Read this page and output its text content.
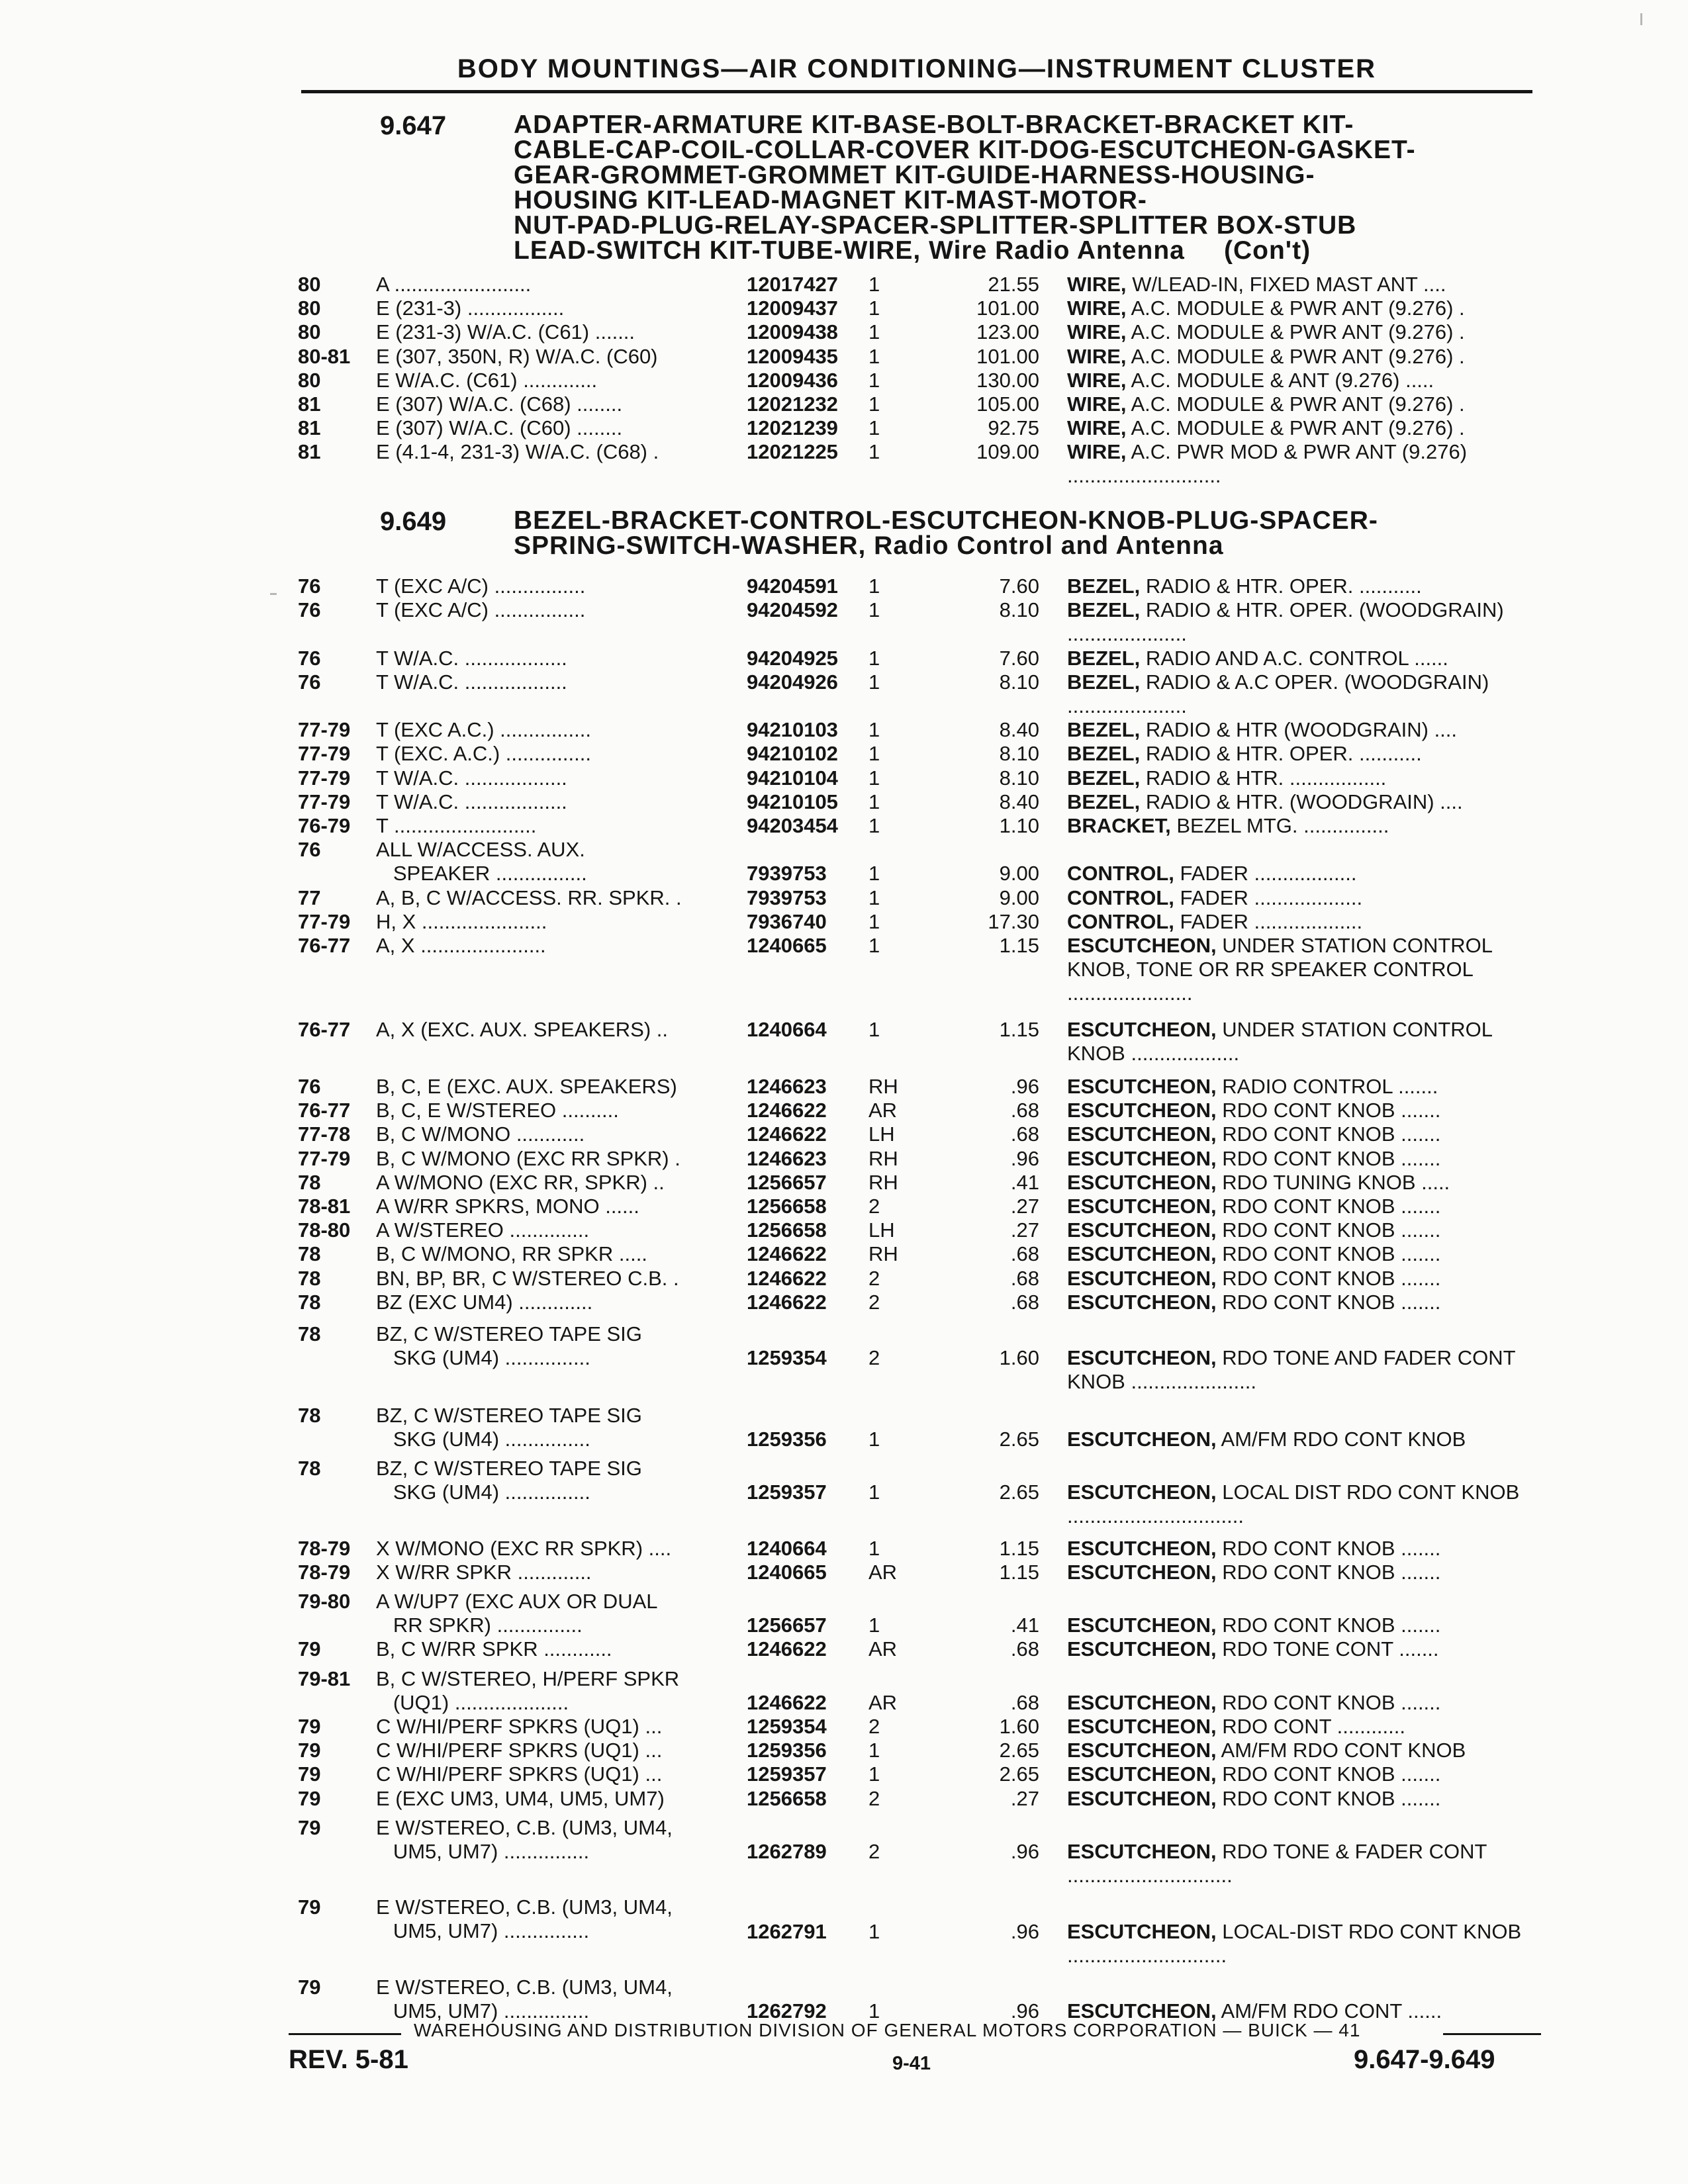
BODY MOUNTINGS—AIR CONDITIONING—INSTRUMENT CLUSTER
9.647	ADAPTER-ARMATURE KIT-BASE-BOLT-BRACKET-BRACKET KIT-
CABLE-CAP-COIL-COLLAR-COVER KIT-DOG-ESCUTCHEON-GASKET-
GEAR-GROMMET-GROMMET KIT-GUIDE-HARNESS-HOUSING-
HOUSING KIT-LEAD-MAGNET KIT-MAST-MOTOR-
NUT-PAD-PLUG-RELAY-SPACER-SPLITTER-SPLITTER BOX-STUB
LEAD-SWITCH KIT-TUBE-WIRE, Wire Radio Antenna     (Con't)
80	A ........................	12017427 1	21.55 WIRE, W/LEAD-IN, FIXED MAST ANT ....
80	E (231-3) .................	12009437 1	101.00 WIRE, A.C. MODULE & PWR ANT (9.276) .
80	E (231-3) W/A.C. (C61) .......	12009438 1	123.00 WIRE, A.C. MODULE & PWR ANT (9.276) .
80-81 E (307, 350N, R) W/A.C. (C60)	12009435 1	101.00 WIRE, A.C. MODULE & PWR ANT (9.276) .
80	E W/A.C. (C61) .............	12009436 1	130.00 WIRE, A.C. MODULE & ANT (9.276) .....
81	E (307) W/A.C. (C68) ........	12021232 1	105.00 WIRE, A.C. MODULE & PWR ANT (9.276) .
81	E (307) W/A.C. (C60) ........	12021239 1	92.75 WIRE, A.C. MODULE & PWR ANT (9.276) .
81	E (4.1-4, 231-3) W/A.C. (C68) .	12021225 1	109.00 WIRE, A.C. PWR MOD & PWR ANT (9.276) ...........................
9.649	BEZEL-BRACKET-CONTROL-ESCUTCHEON-KNOB-PLUG-SPACER-
SPRING-SWITCH-WASHER, Radio Control and Antenna
76	T (EXC A/C) ................	94204591 1	7.60 BEZEL, RADIO & HTR. OPER. ...........
76	T (EXC A/C) ................	94204592 1	8.10 BEZEL, RADIO & HTR. OPER. (WOODGRAIN) .....................
76	T W/A.C. ..................	94204925 1	7.60 BEZEL, RADIO AND A.C. CONTROL ......
76	T W/A.C. ..................	94204926 1	8.10 BEZEL, RADIO & A.C OPER. (WOODGRAIN) .....................
77-79 T (EXC A.C.) ................	94210103 1	8.40 BEZEL, RADIO & HTR (WOODGRAIN) ....
77-79 T (EXC. A.C.) ...............	94210102 1	8.10 BEZEL, RADIO & HTR. OPER. ...........
77-79 T W/A.C. ..................	94210104 1	8.10 BEZEL, RADIO & HTR. .................
77-79 T W/A.C. ..................	94210105 1	8.40 BEZEL, RADIO & HTR. (WOODGRAIN) ....
76-79 T .........................	94203454 1	1.10 BRACKET, BEZEL MTG. ...............
76	ALL W/ACCESS. AUX.
SPEAKER ................	7939753 1	9.00 CONTROL, FADER ..................
77	A, B, C W/ACCESS. RR. SPKR. .	7939753 1	9.00 CONTROL, FADER ...................
77-79 H, X ......................	7936740 1	17.30 CONTROL, FADER ...................
76-77 A, X ......................	1240665 1	1.15 ESCUTCHEON, UNDER STATION CONTROL KNOB, TONE OR RR SPEAKER CONTROL ......................
76-77 A, X (EXC. AUX. SPEAKERS) ..	1240664 1	1.15 ESCUTCHEON, UNDER STATION CONTROL KNOB ...................
76	B, C, E (EXC. AUX. SPEAKERS)	1246623 RH	.96 ESCUTCHEON, RADIO CONTROL .......
76-77 B, C, E W/STEREO ..........	1246622 AR	.68 ESCUTCHEON, RDO CONT KNOB .......
77-78 B, C W/MONO ............	1246622 LH	.68 ESCUTCHEON, RDO CONT KNOB .......
77-79 B, C W/MONO (EXC RR SPKR) .	1246623 RH	.96 ESCUTCHEON, RDO CONT KNOB .......
78	A W/MONO (EXC RR, SPKR) ..	1256657 RH	.41 ESCUTCHEON, RDO TUNING KNOB .....
78-81 A W/RR SPKRS, MONO ......	1256658 2	.27 ESCUTCHEON, RDO CONT KNOB .......
78-80 A W/STEREO ..............	1256658 LH	.27 ESCUTCHEON, RDO CONT KNOB .......
78	B, C W/MONO, RR SPKR .....	1246622 RH	.68 ESCUTCHEON, RDO CONT KNOB .......
78	BN, BP, BR, C W/STEREO C.B. .	1246622 2	.68 ESCUTCHEON, RDO CONT KNOB .......
78	BZ (EXC UM4) .............	1246622 2	.68 ESCUTCHEON, RDO CONT KNOB .......
78	BZ, C W/STEREO TAPE SIG
SKG (UM4) ...............	1259354 2	1.60 ESCUTCHEON, RDO TONE AND FADER CONT KNOB ......................
78	BZ, C W/STEREO TAPE SIG
SKG (UM4) ...............	1259356 1	2.65 ESCUTCHEON, AM/FM RDO CONT KNOB
78	BZ, C W/STEREO TAPE SIG
SKG (UM4) ...............	1259357 1	2.65 ESCUTCHEON, LOCAL DIST RDO CONT KNOB ...............................
78-79 X W/MONO (EXC RR SPKR) ....	1240664 1	1.15 ESCUTCHEON, RDO CONT KNOB .......
78-79 X W/RR SPKR .............	1240665 AR	1.15 ESCUTCHEON, RDO CONT KNOB .......
79-80 A W/UP7 (EXC AUX OR DUAL
RR SPKR) ...............	1256657 1	.41 ESCUTCHEON, RDO CONT KNOB .......
79	B, C W/RR SPKR ............	1246622 AR	.68 ESCUTCHEON, RDO TONE CONT .......
79-81 B, C W/STEREO, H/PERF SPKR
(UQ1) ....................	1246622 AR	.68 ESCUTCHEON, RDO CONT KNOB .......
79	C W/HI/PERF SPKRS (UQ1) ...	1259354 2	1.60 ESCUTCHEON, RDO CONT ............
79	C W/HI/PERF SPKRS (UQ1) ...	1259356 1	2.65 ESCUTCHEON, AM/FM RDO CONT KNOB
79	C W/HI/PERF SPKRS (UQ1) ...	1259357 1	2.65 ESCUTCHEON, RDO CONT KNOB .......
79	E (EXC UM3, UM4, UM5, UM7)	1256658 2	.27 ESCUTCHEON, RDO CONT KNOB .......
79	E W/STEREO, C.B. (UM3, UM4,
UM5, UM7) ...............	1262789 2	.96 ESCUTCHEON, RDO TONE & FADER CONT .............................
79	E W/STEREO, C.B. (UM3, UM4,
UM5, UM7) ...............	1262791 1	.96 ESCUTCHEON, LOCAL-DIST RDO CONT KNOB ............................
79	E W/STEREO, C.B. (UM3, UM4,
UM5, UM7) ...............	1262792 1	.96 ESCUTCHEON, AM/FM RDO CONT ......
WAREHOUSING AND DISTRIBUTION DIVISION OF GENERAL MOTORS CORPORATION — BUICK — 41
REV. 5-81	9-41	9.647-9.649
